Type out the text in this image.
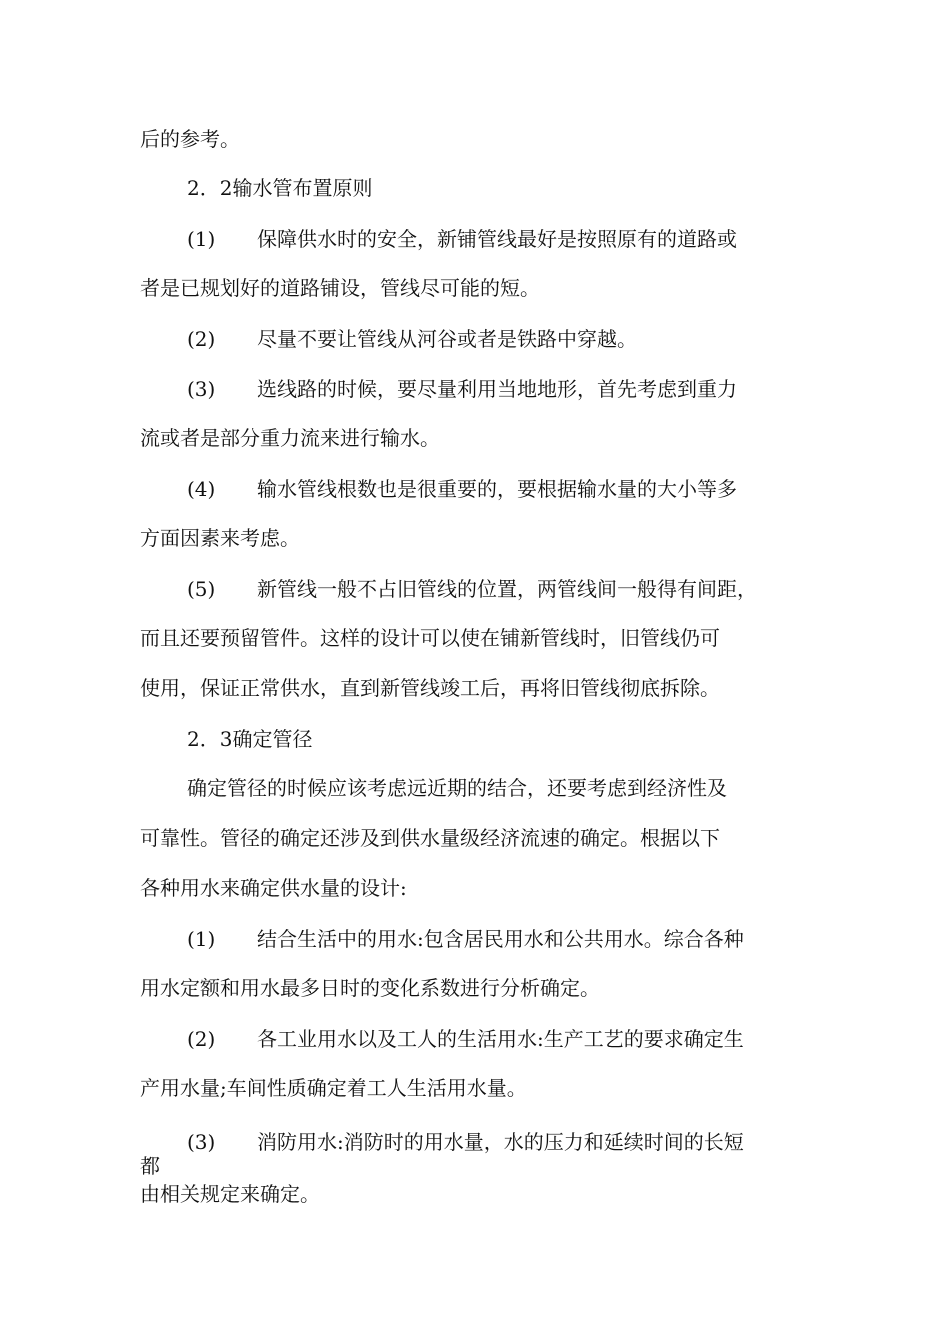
后的参考。
2．2输水管布置原则
(1) 保障供水时的安全，新铺管线最好是按照原有的道路或
者是已规划好的道路铺设，管线尽可能的短。
(2) 尽量不要让管线从河谷或者是铁路中穿越。
(3) 选线路的时候，要尽量利用当地地形，首先考虑到重力
流或者是部分重力流来进行输水。
(4) 输水管线根数也是很重要的，要根据输水量的大小等多
方面因素来考虑。
(5) 新管线一般不占旧管线的位置，两管线间一般得有间距，
而且还要预留管件。这样的设计可以使在铺新管线时，旧管线仍可
使用，保证正常供水，直到新管线竣工后，再将旧管线彻底拆除。
2．3确定管径
确定管径的时候应该考虑远近期的结合，还要考虑到经济性及
可靠性。管径的确定还涉及到供水量级经济流速的确定。根据以下
各种用水来确定供水量的设计:
(1) 结合生活中的用水:包含居民用水和公共用水。综合各种
用水定额和用水最多日时的变化系数进行分析确定。
(2) 各工业用水以及工人的生活用水:生产工艺的要求确定生
产用水量;车间性质确定着工人生活用水量。
(3) 消防用水:消防时的用水量，水的压力和延续时间的长短
都
由相关规定来确定。
